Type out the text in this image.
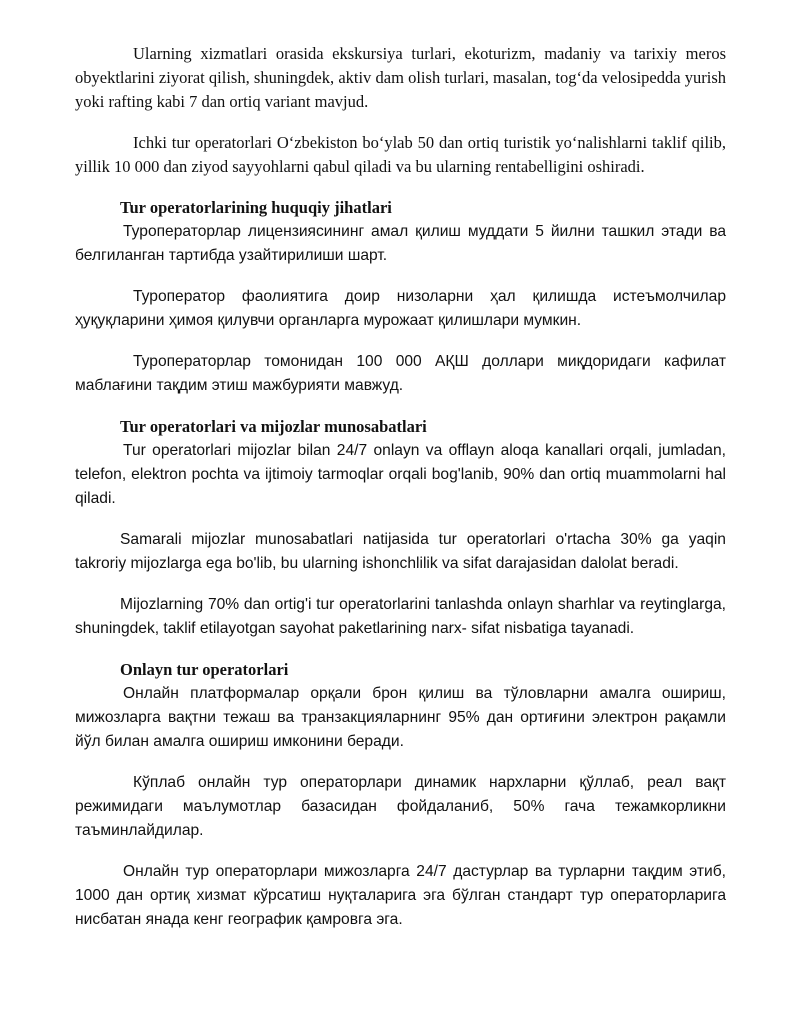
Ularning xizmatlari orasida ekskursiya turlari, ekoturizm, madaniy va tarixiy meros obyektlarini ziyorat qilish, shuningdek, aktiv dam olish turlari, masalan, tog‘da velosipedda yurish yoki rafting kabi 7 dan ortiq variant mavjud.

Ichki tur operatorlari O‘zbekiston bo‘ylab 50 dan ortiq turistik yo‘nalishlarni taklif qilib, yillik 10 000 dan ziyod sayyohlarni qabul qiladi va bu ularning rentabelligini oshiradi.

Tur operatorlarining huquqiy jihatlari

Туроператорлар лицензиясининг амал қилиш муддати 5 йилни ташкил этади ва белгиланган тартибда узайтирилиши шарт.

Туроператор фаолиятига доир низоларни ҳал қилишда истеъмолчилар ҳуқуқларини ҳимоя қилувчи органларга мурожаат қилишлари мумкин.

Туроператорлар томонидан 100 000 АҚШ доллари миқдоридаги кафилат маблағини тақдим этиш мажбурияти мавжуд.

Tur operatorlari va mijozlar munosabatlari

Tur operatorlari mijozlar bilan 24/7 onlayn va offlayn aloqa kanallari orqali, jumladan, telefon, elektron pochta va ijtimoiy tarmoqlar orqali bog'lanib, 90% dan ortiq muammolarni hal qiladi.

Samarali mijozlar munosabatlari natijasida tur operatorlari o'rtacha 30% ga yaqin takroriy mijozlarga ega bo'lib, bu ularning ishonchlilik va sifat darajasidan dalolat beradi.

Mijozlarning 70% dan ortig'i tur operatorlarini tanlashda onlayn sharhlar va reytinglarga, shuningdek, taklif etilayotgan sayohat paketlarining narx- sifat nisbatiga tayanadi.

Onlayn tur operatorlari

Онлайн платформалар орқали брон қилиш ва тўловларни амалга ошириш, мижозларга вақтни тежаш ва транзакцияларнинг 95% дан ортиғини электрон рақамли йўл билан амалга ошириш имконини беради.

Кўплаб онлайн тур операторлари динамик нархларни қўллаб, реал вақт режимидаги маълумотлар базасидан фойдаланиб, 50% гача тежамкорликни таъминлайдилар.

Онлайн тур операторлари мижозларга 24/7 дастурлар ва турларни тақдим этиб, 1000 дан ортиқ хизмат кўрсатиш нуқталарига эга бўлган стандарт тур операторларига нисбатан янада кенг географик қамровга эга.
